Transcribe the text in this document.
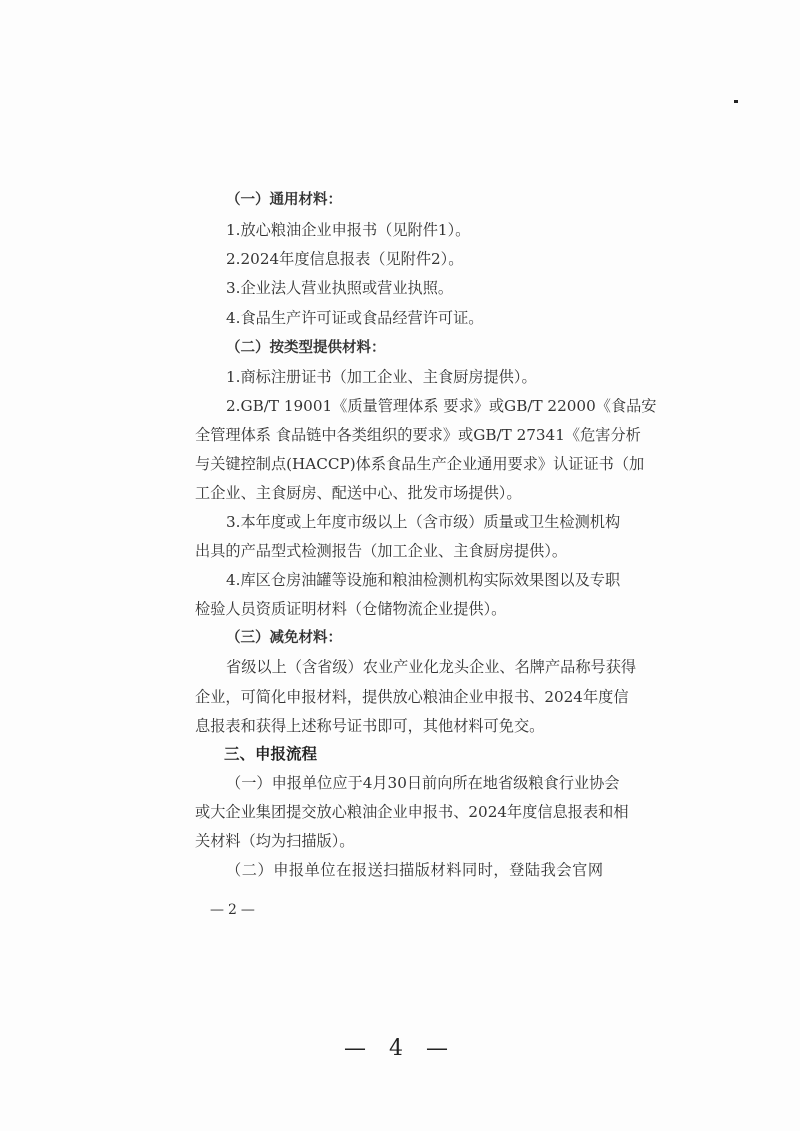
（一）通用材料：
1.放心粮油企业申报书（见附件1）。
2.2024年度信息报表（见附件2）。
3.企业法人营业执照或营业执照。
4.食品生产许可证或食品经营许可证。
（二）按类型提供材料：
1.商标注册证书（加工企业、主食厨房提供）。
2.GB/T 19001《质量管理体系 要求》或GB/T 22000《食品安
全管理体系 食品链中各类组织的要求》或GB/T 27341《危害分析
与关键控制点(HACCP)体系食品生产企业通用要求》认证证书（加
工企业、主食厨房、配送中心、批发市场提供）。
3.本年度或上年度市级以上（含市级）质量或卫生检测机构
出具的产品型式检测报告（加工企业、主食厨房提供）。
4.库区仓房油罐等设施和粮油检测机构实际效果图以及专职
检验人员资质证明材料（仓储物流企业提供）。
（三）减免材料：
省级以上（含省级）农业产业化龙头企业、名牌产品称号获得
企业，可简化申报材料，提供放心粮油企业申报书、2024年度信
息报表和获得上述称号证书即可，其他材料可免交。
三、申报流程
（一）申报单位应于4月30日前向所在地省级粮食行业协会
或大企业集团提交放心粮油企业申报书、2024年度信息报表和相
关材料（均为扫描版）。
（二）申报单位在报送扫描版材料同时，登陆我会官网
—2—
— 4 —
